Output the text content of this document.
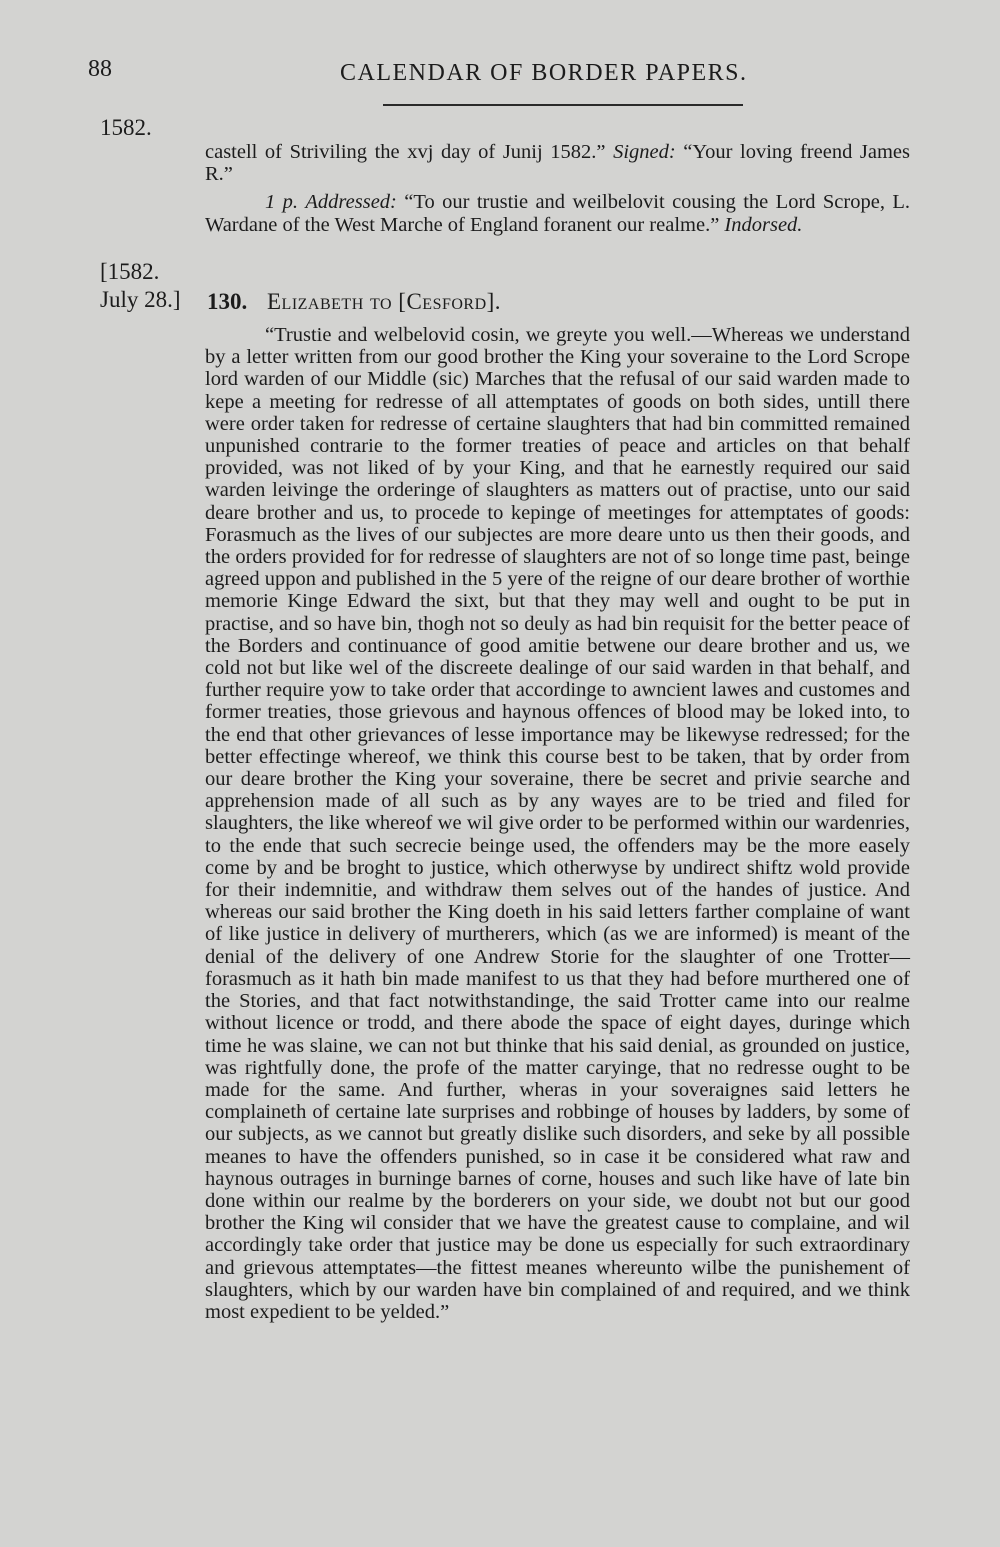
88	CALENDAR OF BORDER PAPERS.
1582.

castell of Striviling the xvj day of Junij 1582.” Signed: “Your loving freend James R.”

1 p. Addressed: “To our trustie and weilbelovit cousing the Lord Scrope, L. Wardane of the West Marche of England foranent our realme.” Indorsed.

[1582.
July 28.] 130. Elizabeth to [Cesford].

“Trustie and welbelovid cosin, we greyte you well.—Whereas we understand by a letter written from our good brother the King your soveraine to the Lord Scrope lord warden of our Middle (sic) Marches that the refusal of our said warden made to kepe a meeting for redresse of all attemptates of goods on both sides, untill there were order taken for redresse of certaine slaughters that had bin committed remained unpunished contrarie to the former treaties of peace and articles on that behalf provided, was not liked of by your King, and that he earnestly required our said warden leivinge the orderinge of slaughters as matters out of practise, unto our said deare brother and us, to procede to kepinge of meetinges for attemptates of goods: Forasmuch as the lives of our subjectes are more deare unto us then their goods, and the orders provided for for redresse of slaughters are not of so longe time past, beinge agreed uppon and published in the 5 yere of the reigne of our deare brother of worthie memorie Kinge Edward the sixt, but that they may well and ought to be put in practise, and so have bin, thogh not so deuly as had bin requisit for the better peace of the Borders and continuance of good amitie betwene our deare brother and us, we cold not but like wel of the discreete dealinge of our said warden in that behalf, and further require yow to take order that accordinge to awncient lawes and customes and former treaties, those grievous and haynous offences of blood may be loked into, to the end that other grievances of lesse importance may be likewyse redressed; for the better effectinge whereof, we think this course best to be taken, that by order from our deare brother the King your soveraine, there be secret and privie searche and apprehension made of all such as by any wayes are to be tried and filed for slaughters, the like whereof we wil give order to be performed within our wardenries, to the ende that such secrecie beinge used, the offenders may be the more easely come by and be broght to justice, which otherwyse by undirect shiftz wold provide for their indemnitie, and withdraw them selves out of the handes of justice. And whereas our said brother the King doeth in his said letters farther complaine of want of like justice in delivery of murtherers, which (as we are informed) is meant of the denial of the delivery of one Andrew Storie for the slaughter of one Trotter—forasmuch as it hath bin made manifest to us that they had before murthered one of the Stories, and that fact notwithstandinge, the said Trotter came into our realme without licence or trodd, and there abode the space of eight dayes, duringe which time he was slaine, we can not but thinke that his said denial, as grounded on justice, was rightfully done, the profe of the matter caryinge, that no redresse ought to be made for the same. And further, wheras in your soveraignes said letters he complaineth of certaine late surprises and robbinge of houses by ladders, by some of our subjects, as we cannot but greatly dislike such disorders, and seke by all possible meanes to have the offenders punished, so in case it be considered what raw and haynous outrages in burninge barnes of corne, houses and such like have of late bin done within our realme by the borderers on your side, we doubt not but our good brother the King wil consider that we have the greatest cause to complaine, and wil accordingly take order that justice may be done us especially for such extraordinary and grievous attemptates—the fittest meanes whereunto wilbe the punishement of slaughters, which by our warden have bin complained of and required, and we think most expedient to be yelded.”
